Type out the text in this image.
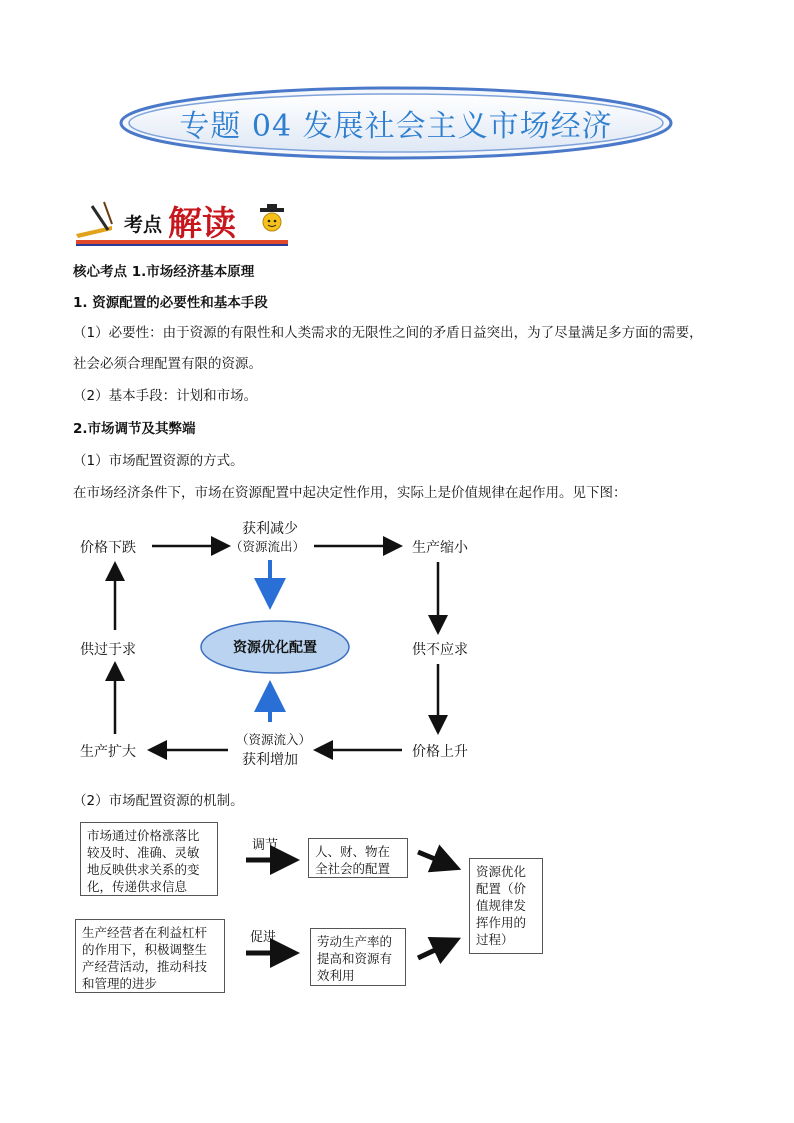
专题 04 发展社会主义市场经济
考点 解读
核心考点 1.市场经济基本原理
1. 资源配置的必要性和基本手段
（1）必要性：由于资源的有限性和人类需求的无限性之间的矛盾日益突出，为了尽量满足多方面的需要，
社会必须合理配置有限的资源。
（2）基本手段：计划和市场。
2.市场调节及其弊端
（1）市场配置资源的方式。
在市场经济条件下，市场在资源配置中起决定性作用，实际上是价值规律在起作用。见下图：
价格下跌
获利减少
（资源流出）	生产缩小
供过于求	资源优化配置	供不应求
（资源流入）
获利增加
生产扩大	价格上升
（2）市场配置资源的机制。
市场通过价格涨落比较及时、准确、灵敏地反映供求关系的变化，传递供求信息
调节	人、财、物在全社会的配置
生产经营者在利益杠杆的作用下，积极调整生产经营活动，推动科技和管理的进步
促进	劳动生产率的提高和资源有效利用
资源优化配置（价值规律发挥作用的过程）
